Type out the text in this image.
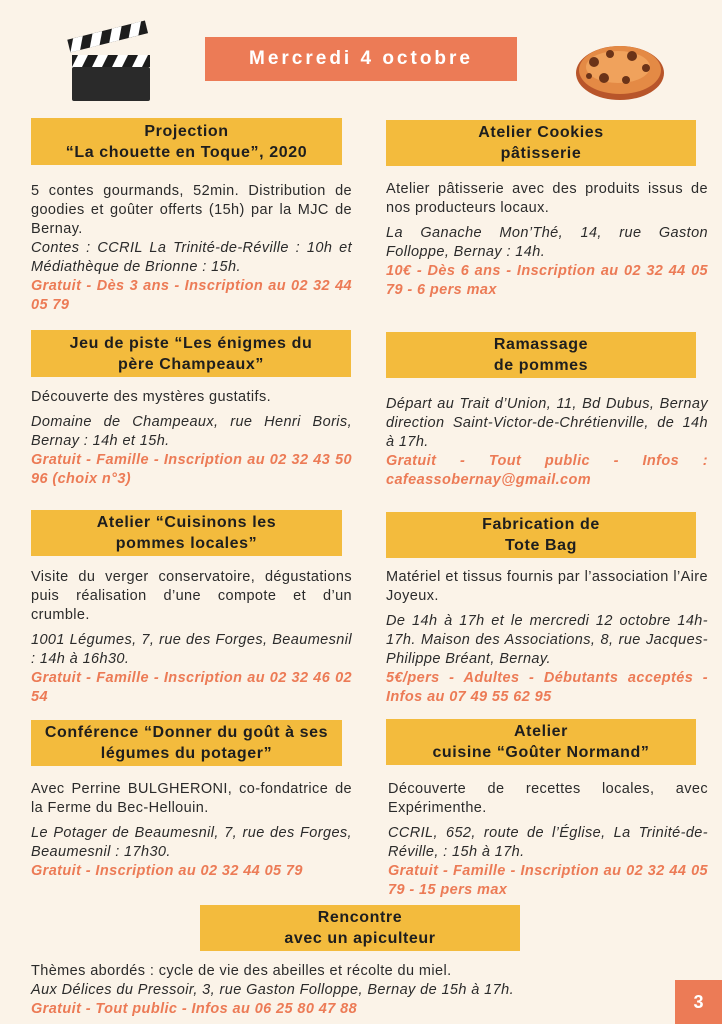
Mercredi 4 octobre
Projection
“La chouette en Toque”, 2020
5 contes gourmands, 52min. Distribution de goodies et goûter offerts (15h) par la MJC de Bernay.
Contes : CCRIL La Trinité-de-Réville : 10h et Médiathèque de Brionne : 15h.
Gratuit - Dès 3 ans - Inscription au 02 32 44 05 79
Atelier Cookies
pâtisserie
Atelier pâtisserie avec des produits issus de nos producteurs locaux.
La Ganache Mon’Thé, 14, rue Gaston Folloppe, Bernay : 14h.
10€ - Dès 6 ans - Inscription au 02 32 44 05 79 - 6 pers max
Jeu de piste “Les énigmes du
père Champeaux”
Découverte des mystères gustatifs.
Domaine de Champeaux, rue Henri Boris, Bernay : 14h et 15h.
Gratuit - Famille - Inscription au 02 32 43 50 96 (choix n°3)
Ramassage
de pommes
Départ au Trait d’Union, 11, Bd Dubus, Bernay direction Saint-Victor-de-Chrétienville, de 14h à 17h.
Gratuit - Tout public - Infos : cafeassobernay@gmail.com
Atelier “Cuisinons les
pommes locales”
Visite du verger conservatoire, dégustations puis réalisation d’une compote et d’un crumble.
1001 Légumes, 7, rue des Forges, Beaumesnil : 14h à 16h30.
Gratuit - Famille - Inscription au 02 32 46 02 54
Fabrication de
Tote Bag
Matériel et tissus fournis par l’association l’Aire Joyeux.
De 14h à 17h et le mercredi 12 octobre 14h-17h. Maison des Associations, 8, rue Jacques-Philippe Bréant, Bernay.
5€/pers - Adultes - Débutants acceptés - Infos au 07 49 55 62 95
Conférence “Donner du goût à ses
légumes du potager”
Avec Perrine BULGHERONI, co-fondatrice de la Ferme du Bec-Hellouin.
Le Potager de Beaumesnil, 7, rue des Forges, Beaumesnil : 17h30.
Gratuit - Inscription au 02 32 44 05 79
Atelier
cuisine “Goûter Normand”
Découverte de recettes locales, avec Expérimenthe.
CCRIL, 652, route de l’Église, La Trinité-de-Réville, : 15h à 17h.
Gratuit - Famille - Inscription au 02 32 44 05 79 - 15 pers max
Rencontre
avec un apiculteur
Thèmes abordés : cycle de vie des abeilles et récolte du miel.
Aux Délices du Pressoir, 3, rue Gaston Folloppe, Bernay de 15h à 17h.
Gratuit - Tout public - Infos au 06 25 80 47 88	3
